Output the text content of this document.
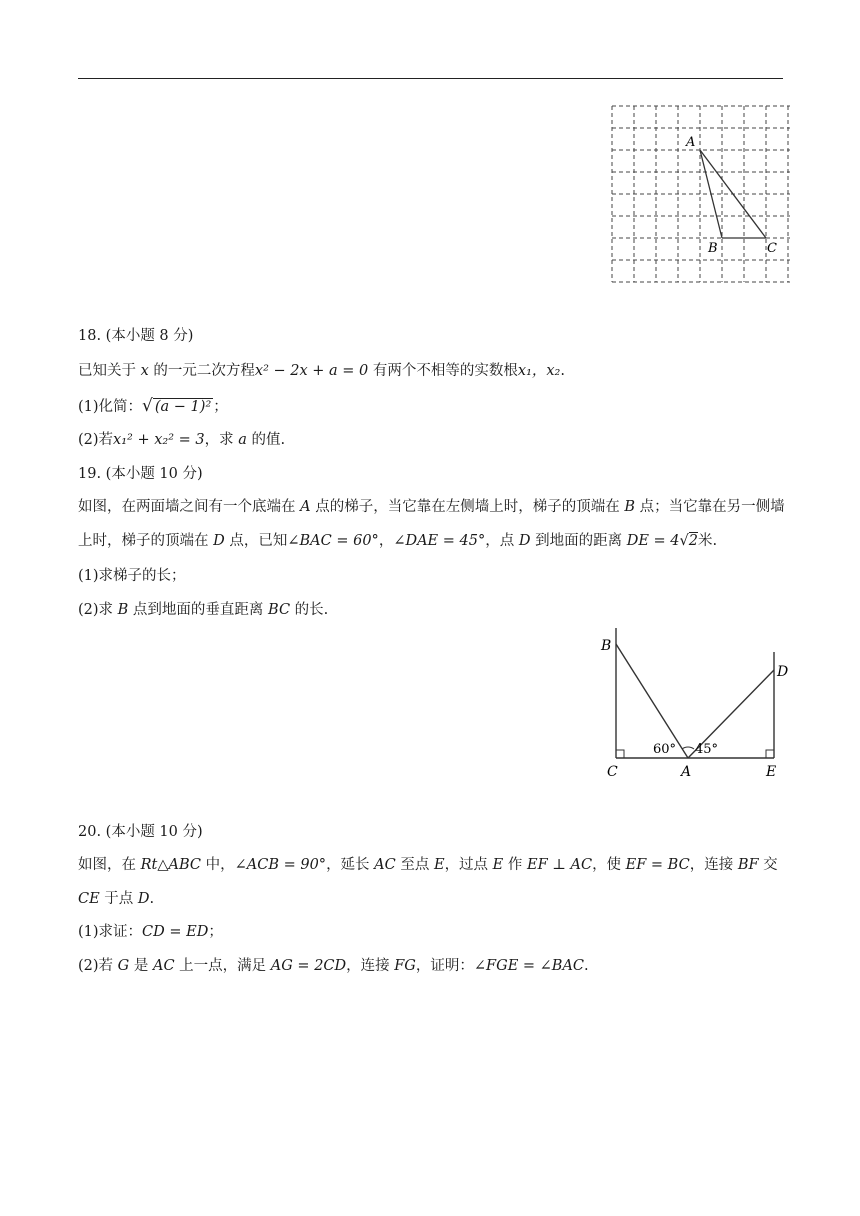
A
B	C
18. (本小题 8 分)
已知关于 x 的一元二次方程x² − 2x + a = 0 有两个不相等的实数根x₁，x₂.
(1)化简：√ (a − 1)² ；
(2)若x₁² + x₂² = 3，求 a 的值.
19. (本小题 10 分)
如图，在两面墙之间有一个底端在 A 点的梯子，当它靠在左侧墙上时，梯子的顶端在 B 点；当它靠在另一侧墙上时，梯子的顶端在 D 点，已知∠BAC = 60°，∠DAE = 45°，点 D 到地面的距离 DE = 4√2米.
(1)求梯子的长；
(2)求 B 点到地面的垂直距离 BC 的长.
B
D
C	A	E
60° 45°
20. (本小题 10 分)
如图，在 Rt△ABC 中，∠ACB = 90°，延长 AC 至点 E，过点 E 作 EF ⊥ AC，使 EF = BC，连接 BF 交 CE 于点 D.
(1)求证：CD = ED；
(2)若 G 是 AC 上一点，满足 AG = 2CD，连接 FG，证明：∠FGE = ∠BAC.
